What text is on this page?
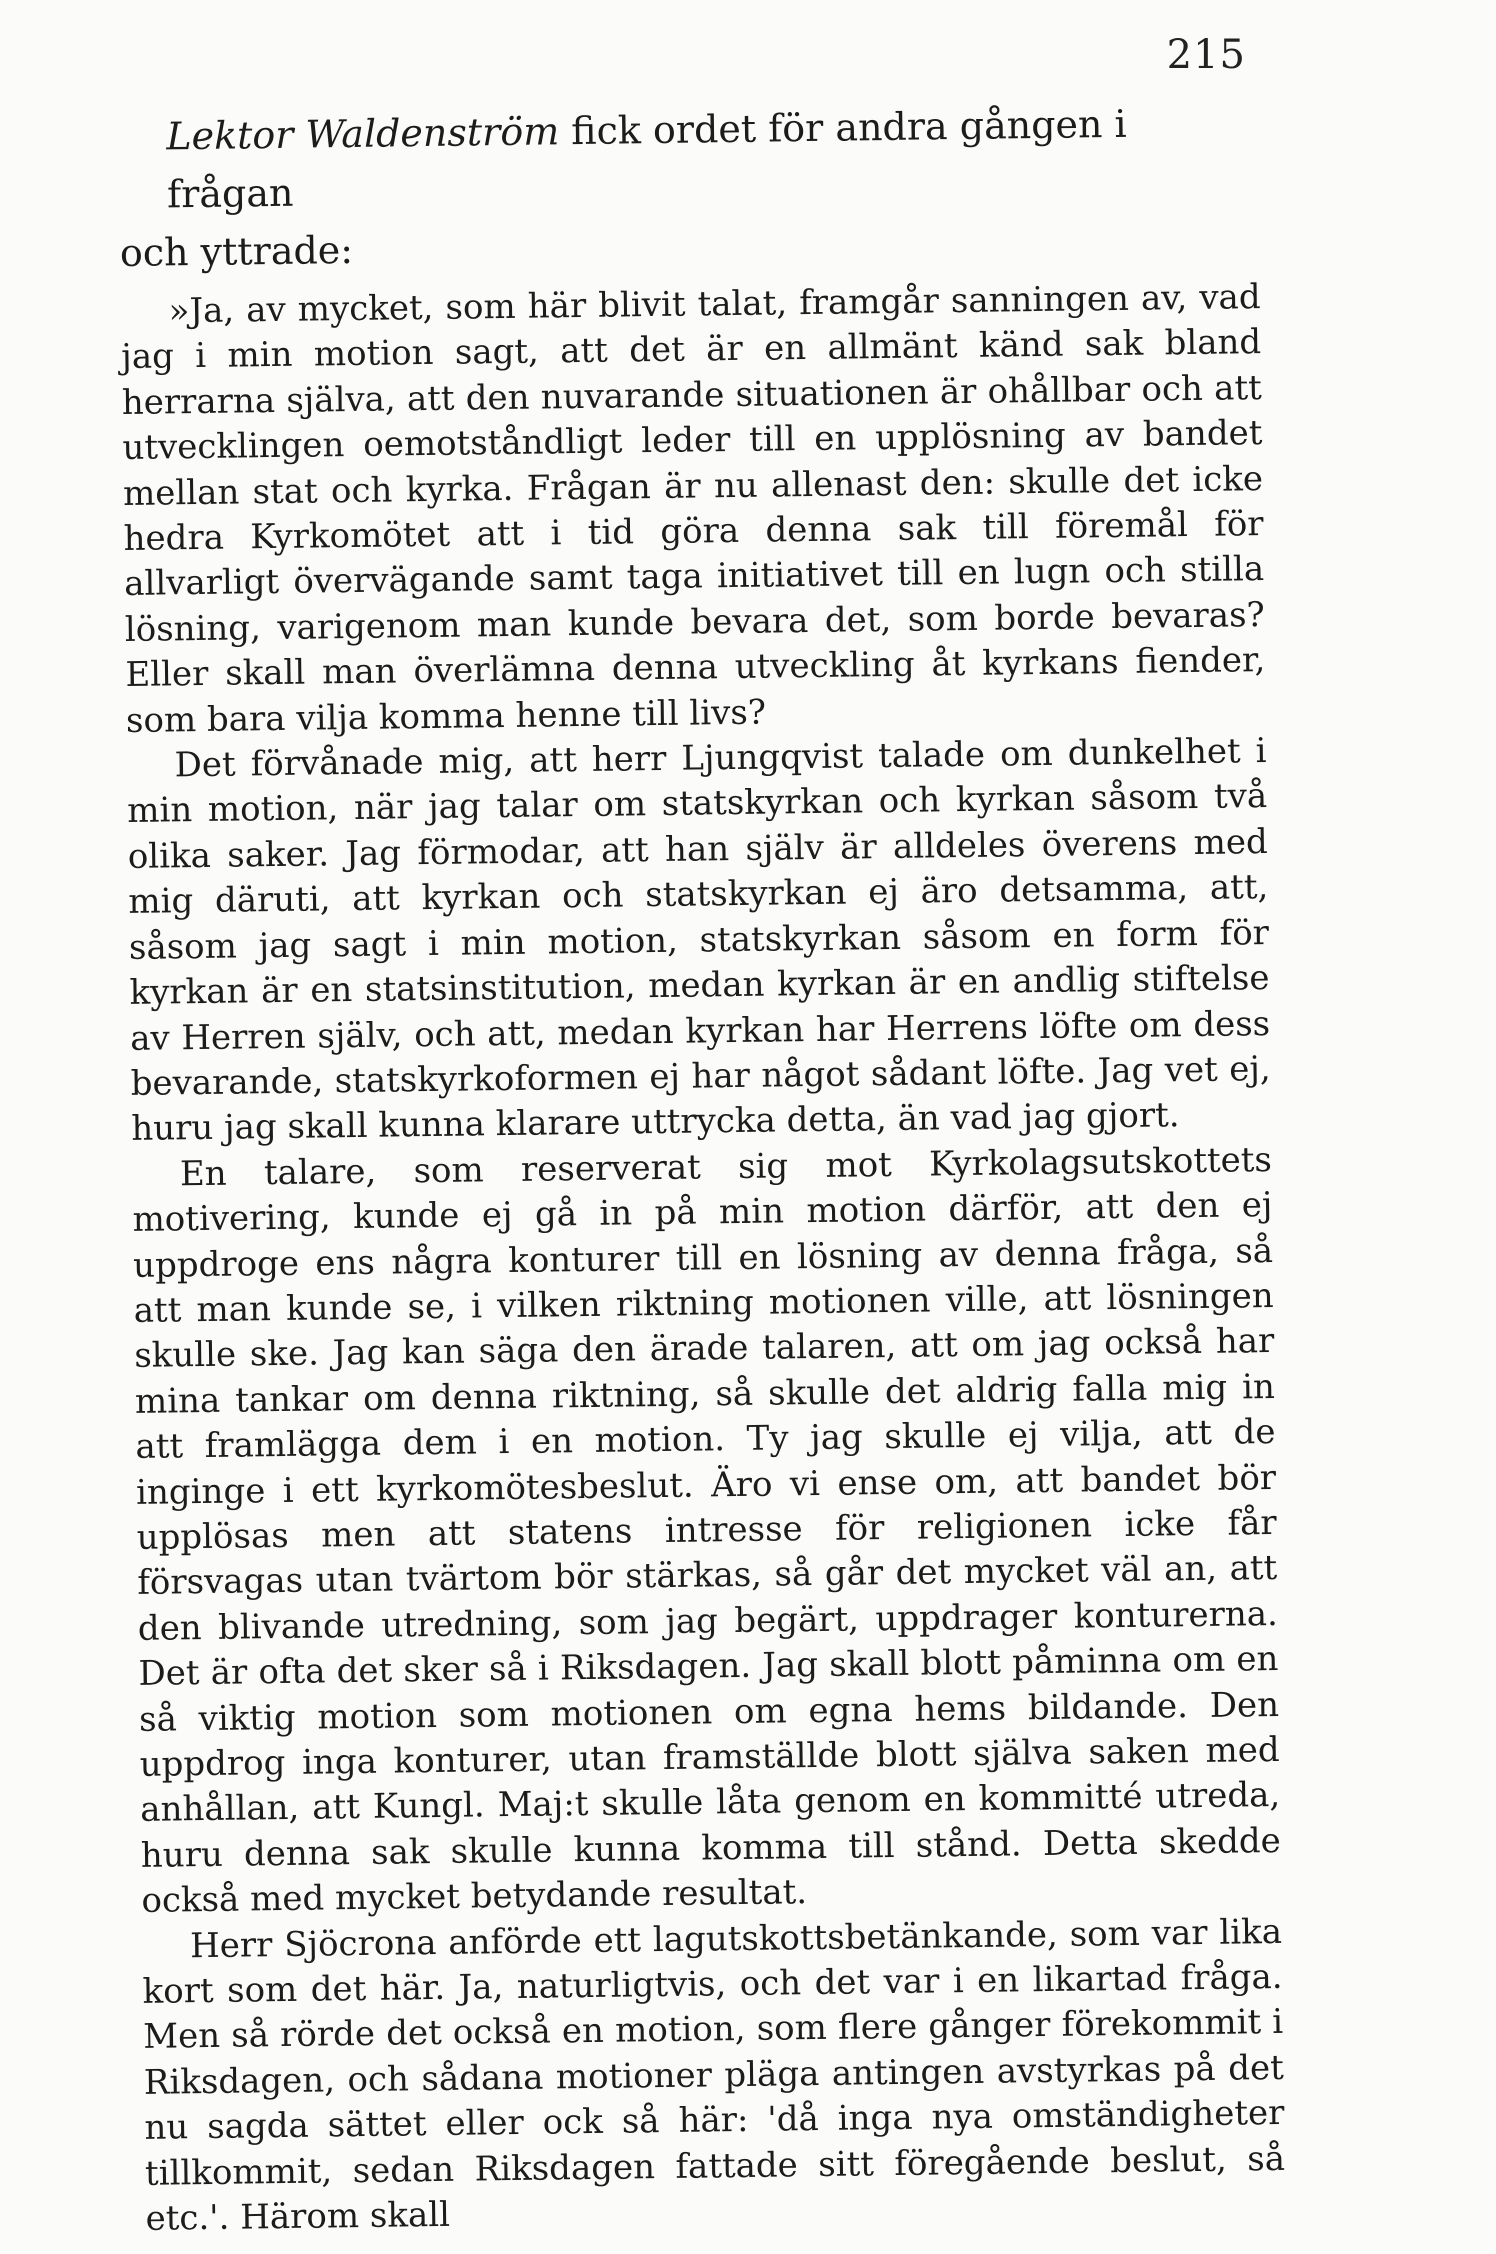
215

Lektor Waldenström fick ordet för andra gången i frågan
och yttrade:

»Ja, av mycket, som här blivit talat, framgår sanningen av, vad jag i min motion sagt, att det är en allmänt känd sak bland herrarna själva, att den nuvarande situationen är ohållbar och att utvecklingen oemotståndligt leder till en upplösning av bandet mellan stat och kyrka. Frågan är nu allenast den: skulle det icke hedra Kyrkomötet att i tid göra denna sak till föremål för allvarligt övervägande samt taga initiativet till en lugn och stilla lösning, varigenom man kunde bevara det, som borde bevaras? Eller skall man överlämna denna utveckling åt kyrkans fiender, som bara vilja komma henne till livs?

Det förvånade mig, att herr Ljungqvist talade om dunkelhet i min motion, när jag talar om statskyrkan och kyrkan såsom två olika saker. Jag förmodar, att han själv är alldeles överens med mig däruti, att kyrkan och statskyrkan ej äro detsamma, att, såsom jag sagt i min motion, statskyrkan såsom en form för kyrkan är en statsinstitution, medan kyrkan är en andlig stiftelse av Herren själv, och att, medan kyrkan har Herrens löfte om dess bevarande, statskyrkoformen ej har något sådant löfte. Jag vet ej, huru jag skall kunna klarare uttrycka detta, än vad jag gjort.

En talare, som reserverat sig mot Kyrkolagsutskottets motivering, kunde ej gå in på min motion därför, att den ej uppdroge ens några konturer till en lösning av denna fråga, så att man kunde se, i vilken riktning motionen ville, att lösningen skulle ske. Jag kan säga den ärade talaren, att om jag också har mina tankar om denna riktning, så skulle det aldrig falla mig in att framlägga dem i en motion. Ty jag skulle ej vilja, att de inginge i ett kyrkomötesbeslut. Äro vi ense om, att bandet bör upplösas men att statens intresse för religionen icke får försvagas utan tvärtom bör stärkas, så går det mycket väl an, att den blivande utredning, som jag begärt, uppdrager konturerna. Det är ofta det sker så i Riksdagen. Jag skall blott påminna om en så viktig motion som motionen om egna hems bildande. Den uppdrog inga konturer, utan framställde blott själva saken med anhållan, att Kungl. Maj:t skulle låta genom en kommitté utreda, huru denna sak skulle kunna komma till stånd. Detta skedde också med mycket betydande resultat.

Herr Sjöcrona anförde ett lagutskottsbetänkande, som var lika kort som det här. Ja, naturligtvis, och det var i en likartad fråga. Men så rörde det också en motion, som flere gånger förekommit i Riksdagen, och sådana motioner pläga antingen avstyrkas på det nu sagda sättet eller ock så här: 'då inga nya omständigheter tillkommit, sedan Riksdagen fattade sitt föregående beslut, så etc.'. Härom skall
